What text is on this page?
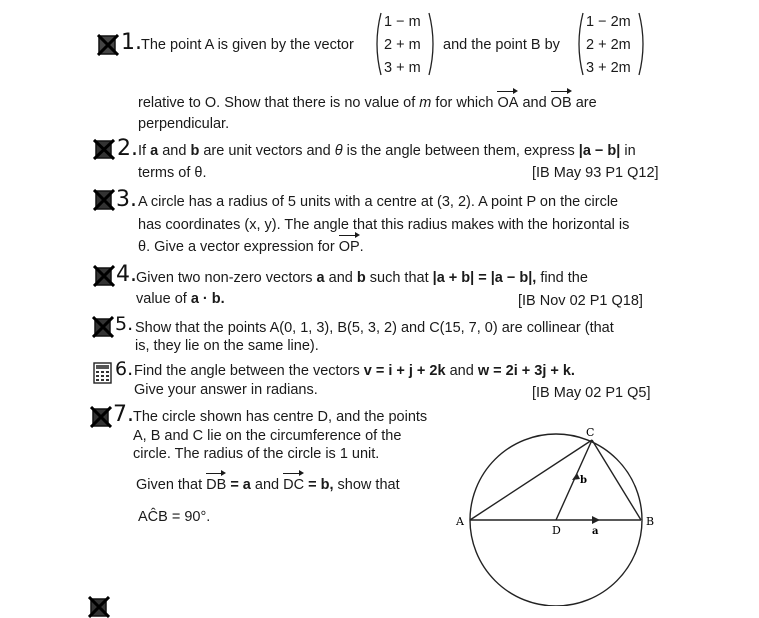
1. The point A is given by the vector
1 − m
2 + m
3 + m
and the point B by
1 − 2m
2 + 2m
3 + 2m
relative to O. Show that there is no value of m for which OA and OB are
perpendicular.
2. If a and b are unit vectors and θ is the angle between them, express |a − b| in
terms of θ.	[IB May 93 P1 Q12]
3. A circle has a radius of 5 units with a centre at (3, 2). A point P on the circle
has coordinates (x, y). The angle that this radius makes with the horizontal is
θ. Give a vector expression for OP.
4. Given two non-zero vectors a and b such that |a + b| = |a − b|, find the
value of a · b.	[IB Nov 02 P1 Q18]
5. Show that the points A(0, 1, 3), B(5, 3, 2) and C(15, 7, 0) are collinear (that
is, they lie on the same line).
6. Find the angle between the vectors v = i + j + 2k and w = 2i + 3j + k.
Give your answer in radians.	[IB May 02 P1 Q5]
7. The circle shown has centre D, and the points
A, B and C lie on the circumference of the
circle. The radius of the circle is 1 unit.
Given that DB = a and DC = b, show that
AĈB = 90°.	A	B
C
D	a
b
